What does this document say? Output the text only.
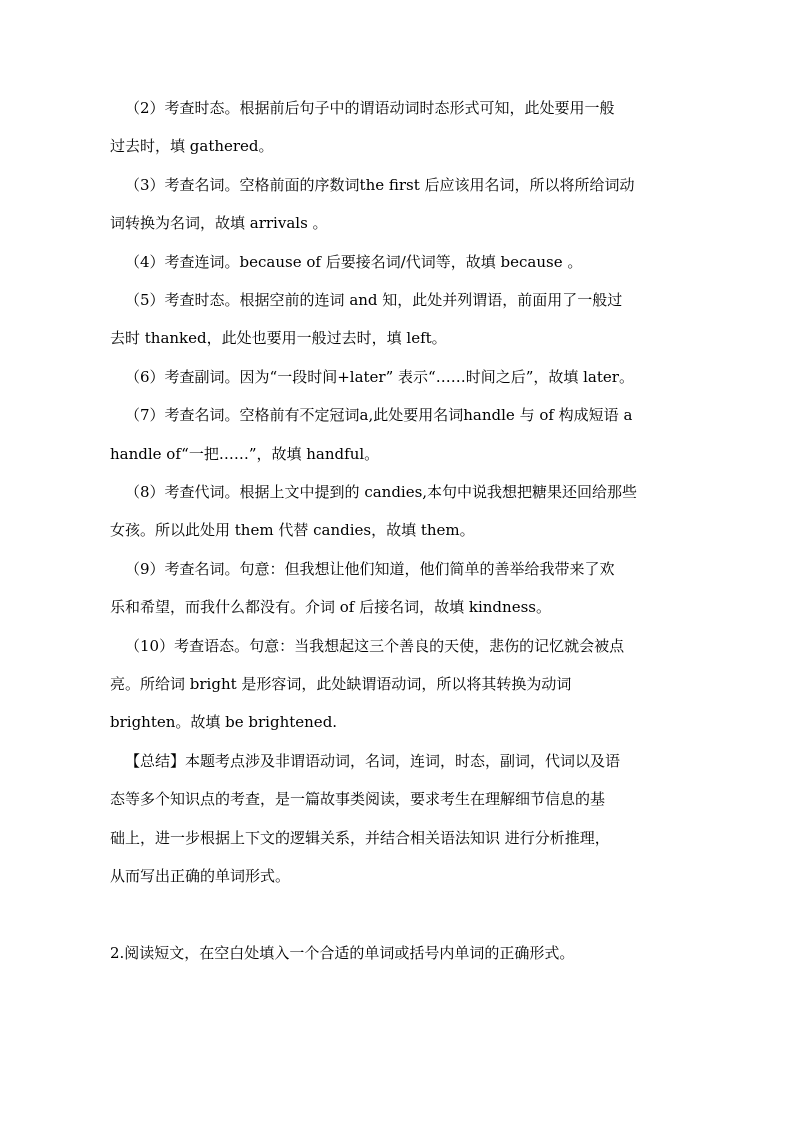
（2）考查时态。根据前后句子中的谓语动词时态形式可知，此处要用一般
过去时，填 gathered。
（3）考查名词。空格前面的序数词the first 后应该用名词，所以将所给词动
词转换为名词，故填 arrivals 。
（4）考查连词。because of 后要接名词/代词等，故填 because 。
（5）考查时态。根据空前的连词 and 知，此处并列谓语，前面用了一般过
去时 thanked，此处也要用一般过去时，填 left。
（6）考查副词。因为“一段时间+later” 表示“……时间之后”，故填 later。
（7）考查名词。空格前有不定冠词a,此处要用名词handle 与 of 构成短语 a
handle of“一把……”，故填 handful。
（8）考查代词。根据上文中提到的 candies,本句中说我想把糖果还回给那些
女孩。所以此处用 them 代替 candies，故填 them。
（9）考查名词。句意：但我想让他们知道，他们简单的善举给我带来了欢
乐和希望，而我什么都没有。介词 of 后接名词，故填 kindness。
（10）考查语态。句意：当我想起这三个善良的天使，悲伤的记忆就会被点
亮。所给词 bright 是形容词，此处缺谓语动词，所以将其转换为动词
brighten。故填 be brightened.
【总结】本题考点涉及非谓语动词，名词，连词，时态，副词，代词以及语
态等多个知识点的考查，是一篇故事类阅读，要求考生在理解细节信息的基
础上，进一步根据上下文的逻辑关系，并结合相关语法知识 进行分析推理，
从而写出正确的单词形式。
2.阅读短文，在空白处填入一个合适的单词或括号内单词的正确形式。
